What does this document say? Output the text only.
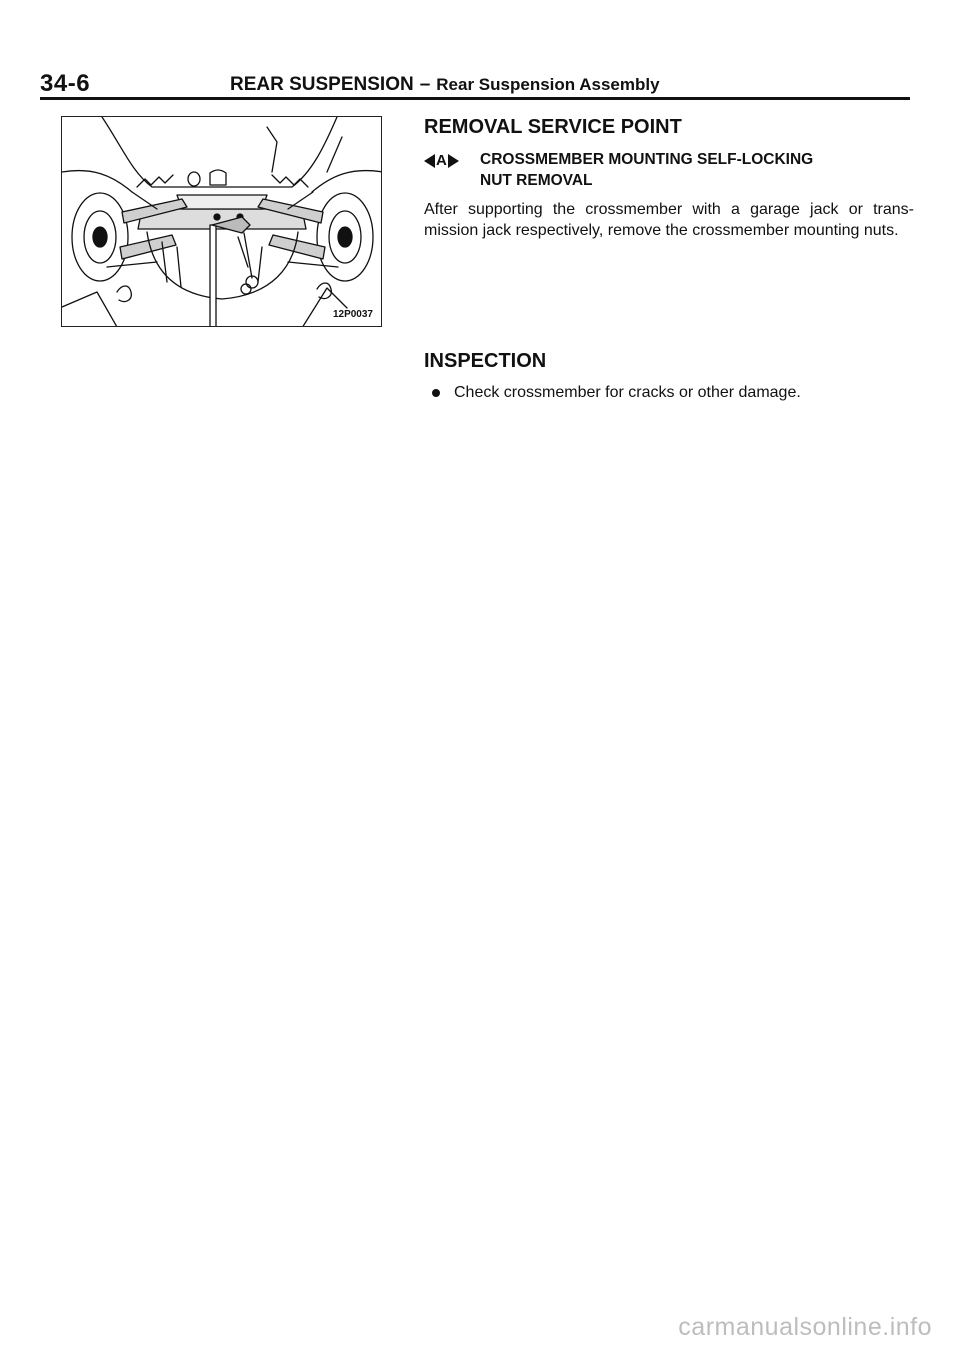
34-6	REAR SUSPENSION – Rear Suspension Assembly
12P0037
REMOVAL SERVICE POINT
A CROSSMEMBER MOUNTING SELF-LOCKING
NUT REMOVAL

After supporting the crossmember with a garage jack or trans-mission jack respectively, remove the crossmember mounting nuts.

INSPECTION
Check crossmember for cracks or other damage.
carmanualsonline.info
